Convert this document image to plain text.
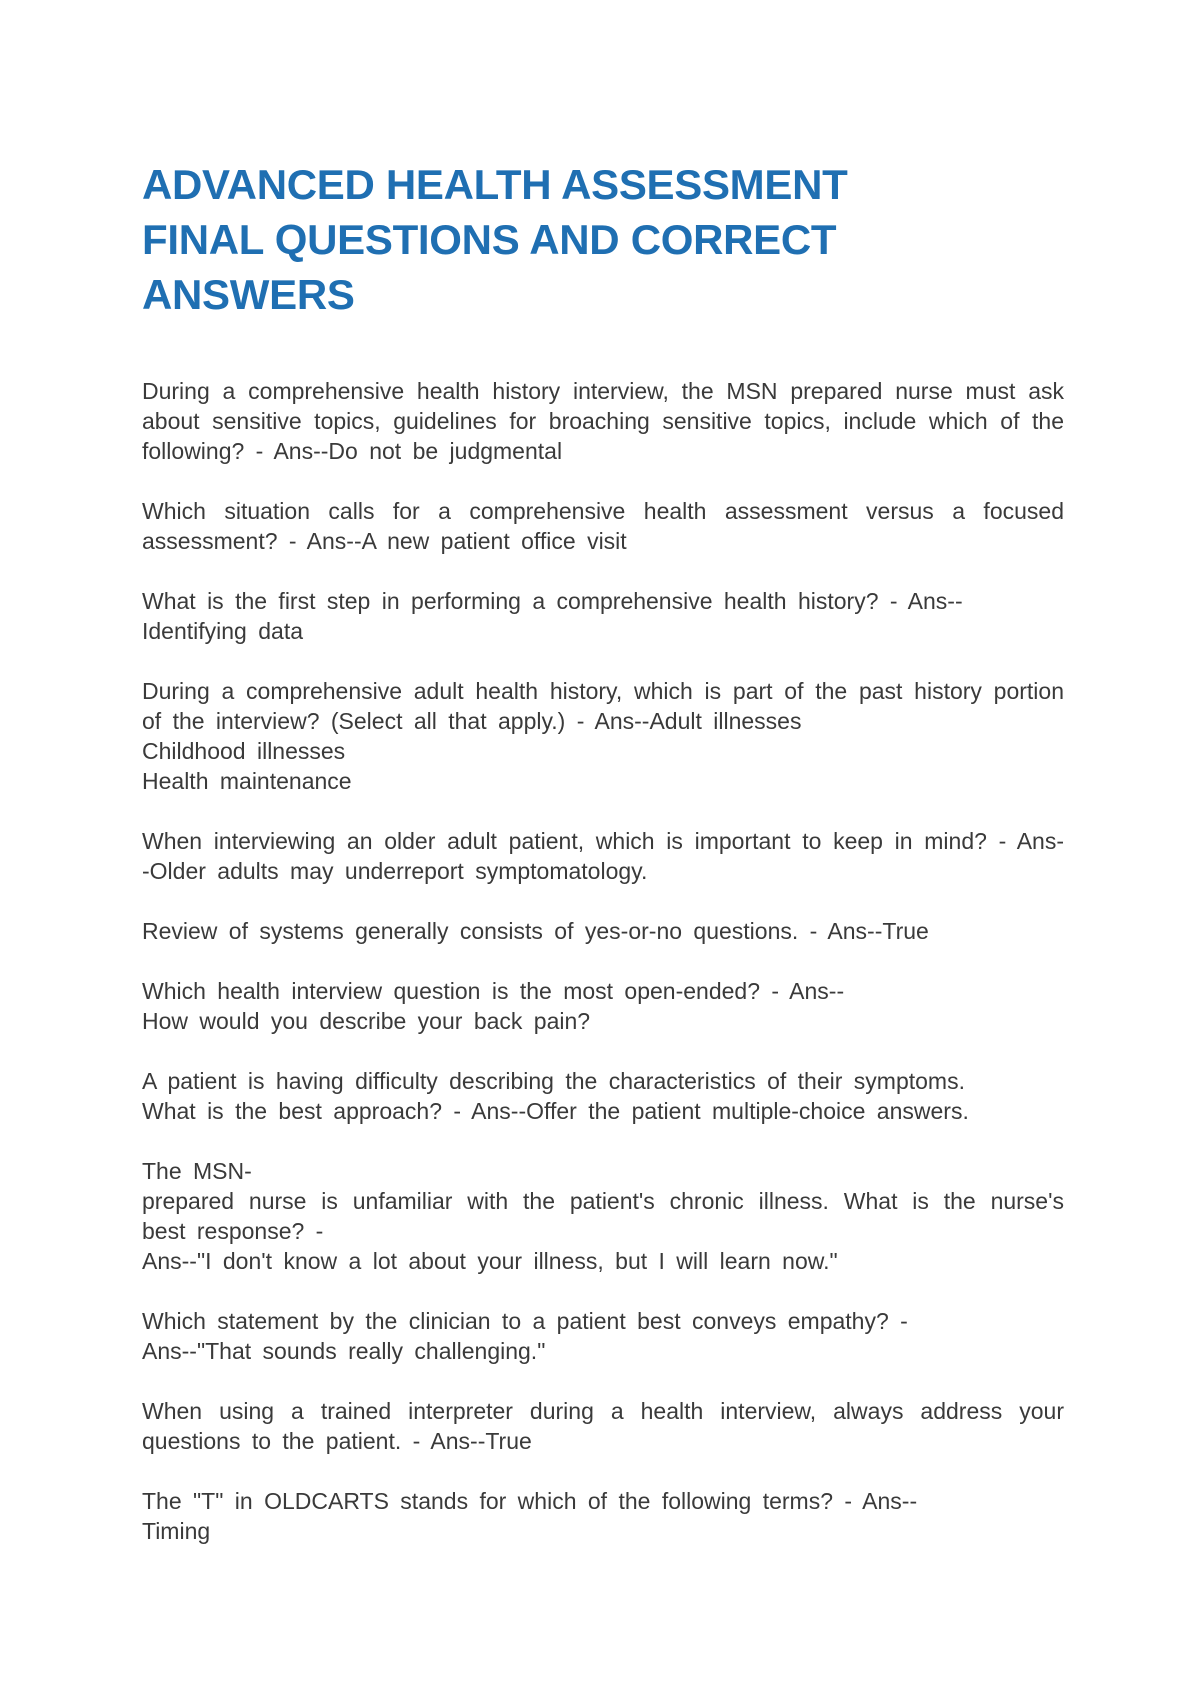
ADVANCED HEALTH ASSESSMENT FINAL QUESTIONS AND CORRECT ANSWERS

During a comprehensive health history interview, the MSN prepared nurse must ask about sensitive topics, guidelines for broaching sensitive topics, include which of the following? - Ans--Do not be judgmental

Which situation calls for a comprehensive health assessment versus a focused assessment? - Ans--A new patient office visit

What is the first step in performing a comprehensive health history? - Ans--
Identifying data

During a comprehensive adult health history, which is part of the past history portion of the interview? (Select all that apply.) - Ans--Adult illnesses
Childhood illnesses
Health maintenance

When interviewing an older adult patient, which is important to keep in mind? - Ans--Older adults may underreport symptomatology.

Review of systems generally consists of yes-or-no questions. - Ans--True

Which health interview question is the most open-ended? - Ans--
How would you describe your back pain?

A patient is having difficulty describing the characteristics of their symptoms.
What is the best approach? - Ans--Offer the patient multiple-choice answers.

The MSN-
prepared nurse is unfamiliar with the patient's chronic illness. What is the nurse's best response? -
Ans--"I don't know a lot about your illness, but I will learn now."

Which statement by the clinician to a patient best conveys empathy? -
Ans--"That sounds really challenging."

When using a trained interpreter during a health interview, always address your questions to the patient. - Ans--True

The "T" in OLDCARTS stands for which of the following terms? - Ans--
Timing
